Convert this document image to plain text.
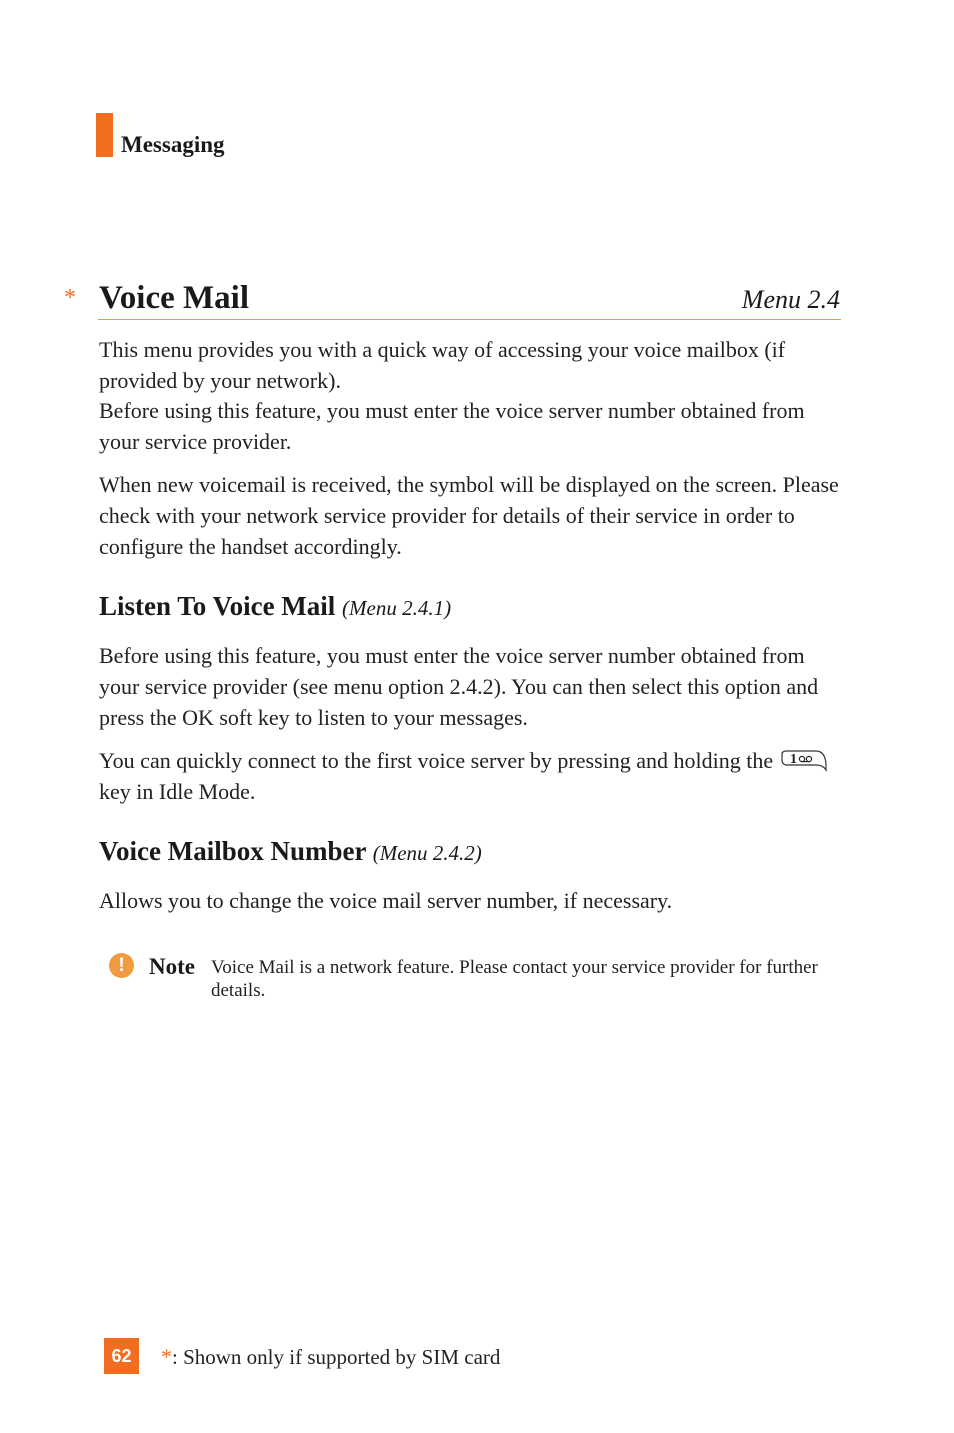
Messaging
* Voice Mail	Menu 2.4

This menu provides you with a quick way of accessing your voice mailbox (if provided by your network).

Before using this feature, you must enter the voice server number obtained from your service provider.

When new voicemail is received, the symbol will be displayed on the screen. Please check with your network service provider for details of their service in order to configure the handset accordingly.

Listen To Voice Mail (Menu 2.4.1)

Before using this feature, you must enter the voice server number obtained from your service provider (see menu option 2.4.2). You can then select this option and press the OK soft key to listen to your messages.

You can quickly connect to the first voice server by pressing and holding the 1
key in Idle Mode.

Voice Mailbox Number (Menu 2.4.2)

Allows you to change the voice mail server number, if necessary.

!	Note Voice Mail is a network feature. Please contact your service provider for further details.
62	*: Shown only if supported by SIM card
